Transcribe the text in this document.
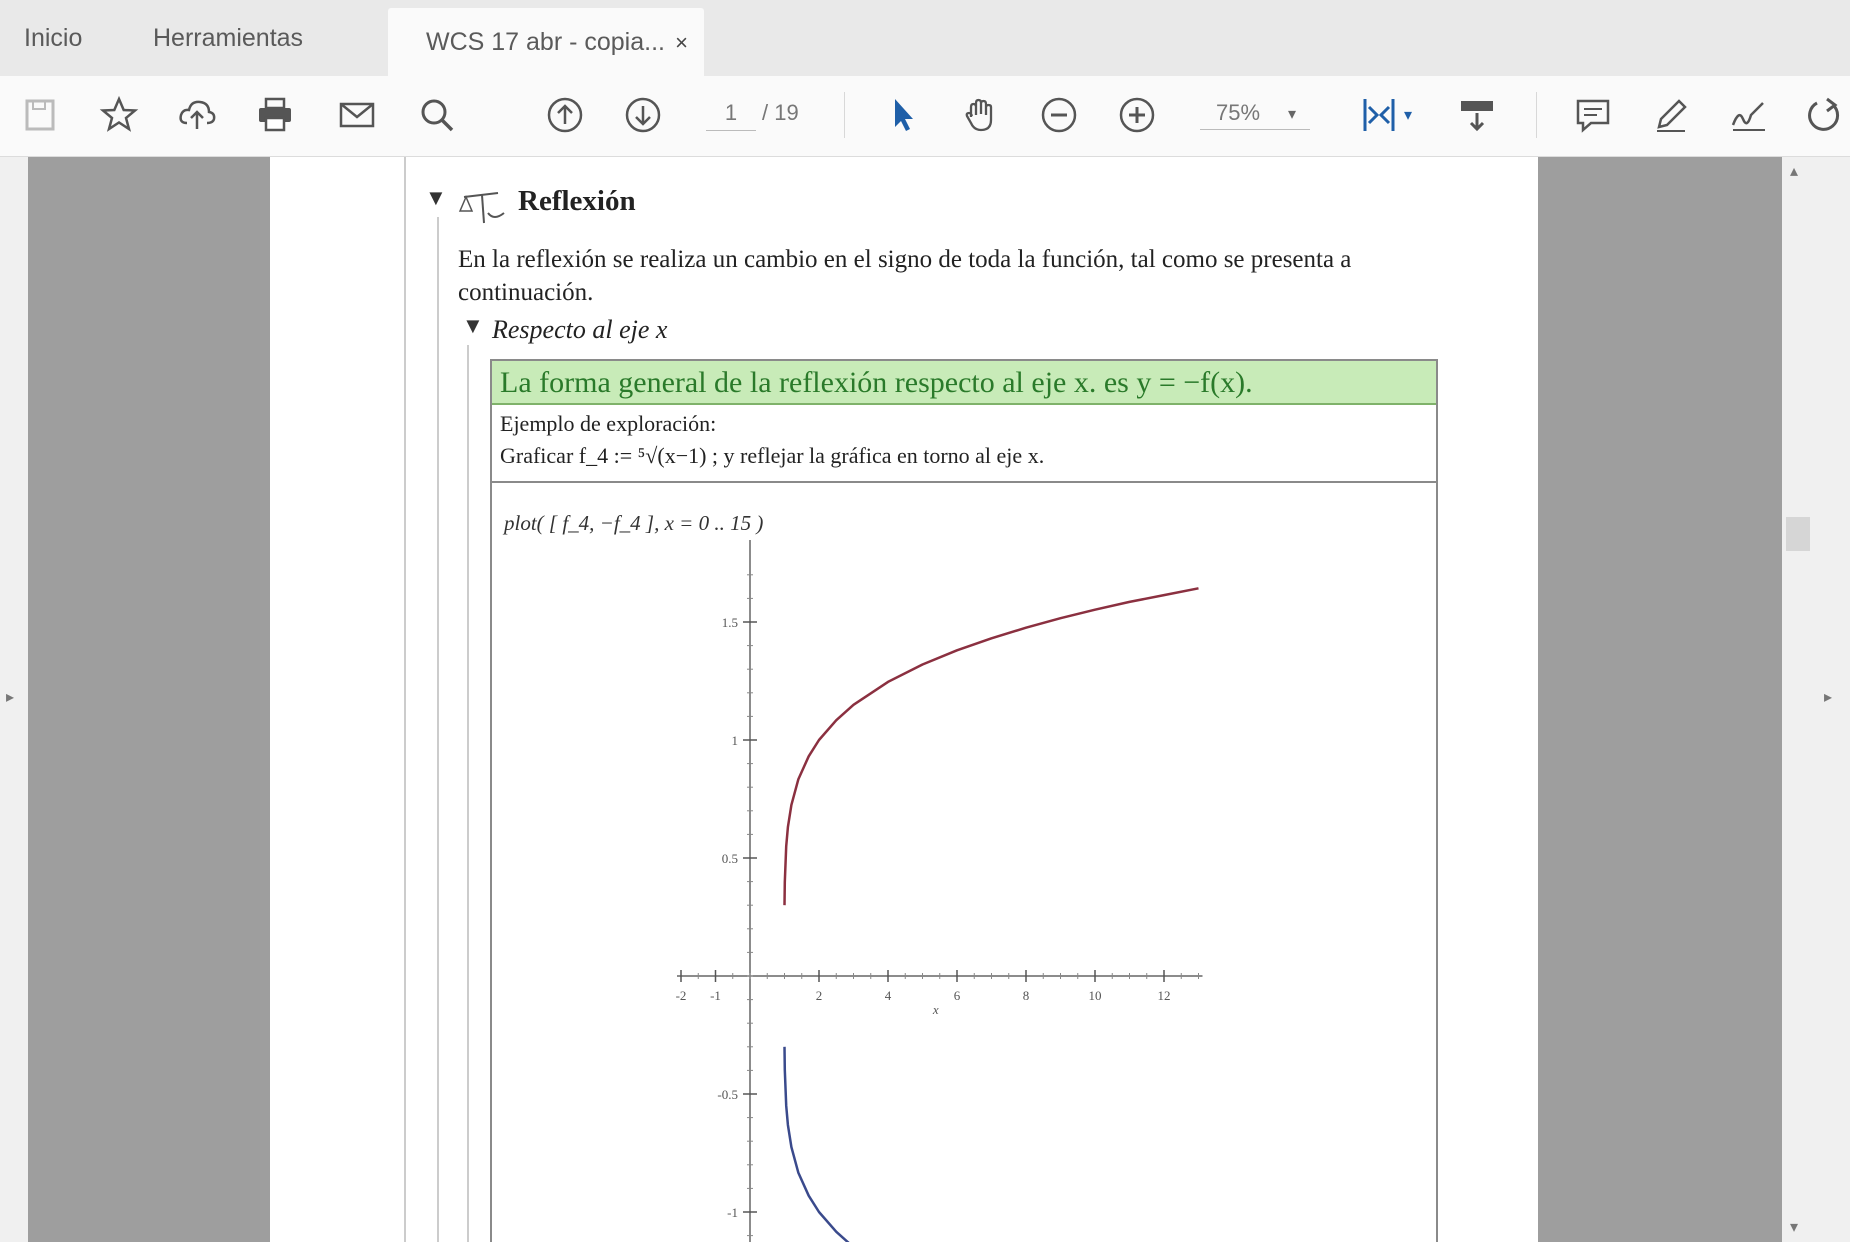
Inicio	Herramientas	WCS 17 abr - copia... ×
1	/ 19	75%	▾	▾
▸
▴
▾
▸
▼ Reflexión
En la reflexión se realiza un cambio en el signo de toda la función, tal como se presenta a continuación.
▼ Respecto al eje x
La forma general de la reflexión respecto al eje x. es y = −f(x).
Ejemplo de exploración:
Graficar f_4 := ⁵√(x−1) ; y reflejar la gráfica en torno al eje x.
plot( [ f_4, −f_4 ], x = 0 .. 15 )
-2 -1	2	4	6	8	10	12
x
1.5
1
0.5
-0.5
-1
